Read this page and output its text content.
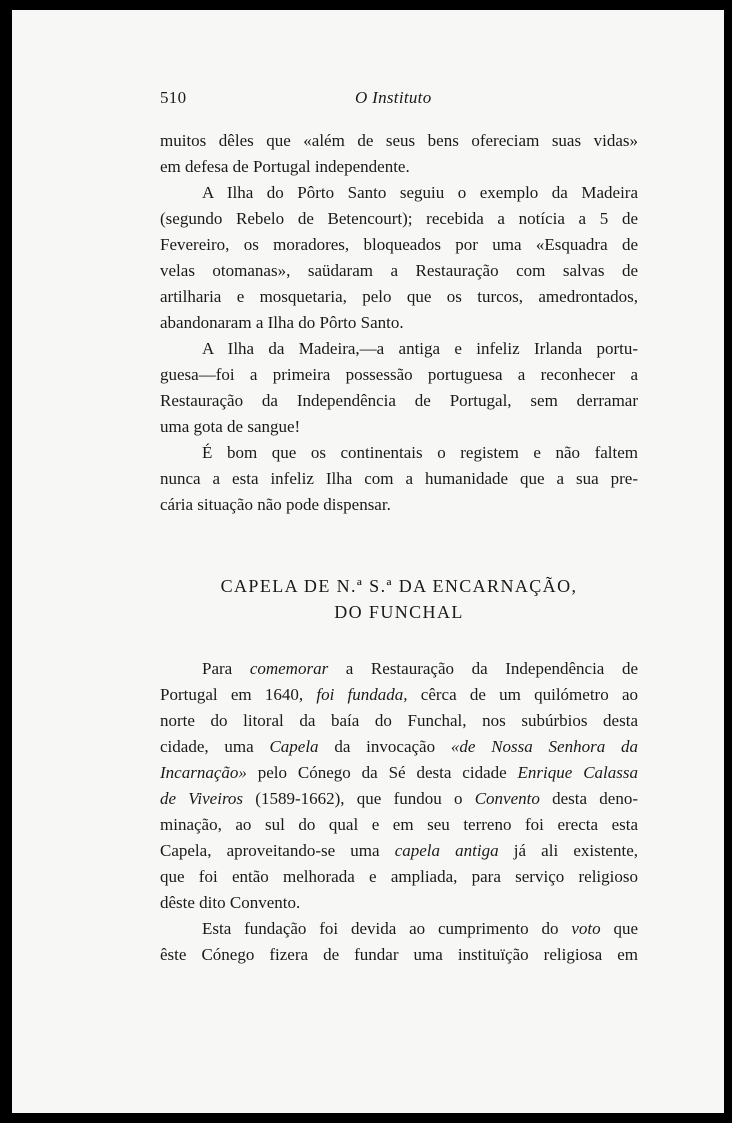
510	O Instituto
muitos dêles que «além de seus bens ofereciam suas vidas»
em defesa de Portugal independente.
A Ilha do Pôrto Santo seguiu o exemplo da Madeira
(segundo Rebelo de Betencourt); recebida a notícia a 5 de
Fevereiro, os moradores, bloqueados por uma «Esquadra de
velas otomanas», saüdaram a Restauração com salvas de
artilharia e mosquetaria, pelo que os turcos, amedrontados,
abandonaram a Ilha do Pôrto Santo.
A Ilha da Madeira,—a antiga e infeliz Irlanda portu-
guesa—foi a primeira possessão portuguesa a reconhecer a
Restauração da Independência de Portugal, sem derramar
uma gota de sangue!
É bom que os continentais o registem e não faltem
nunca a esta infeliz Ilha com a humanidade que a sua pre-
cária situação não pode dispensar.
CAPELA DE N.ª S.ª DA ENCARNAÇÃO,
DO FUNCHAL
Para comemorar a Restauração da Independência de
Portugal em 1640, foi fundada, cêrca de um quilómetro ao
norte do litoral da baía do Funchal, nos subúrbios desta
cidade, uma Capela da invocação «de Nossa Senhora da
Incarnação» pelo Cónego da Sé desta cidade Enrique Calassa
de Viveiros (1589-1662), que fundou o Convento desta deno-
minação, ao sul do qual e em seu terreno foi erecta esta
Capela, aproveitando-se uma capela antiga já ali existente,
que foi então melhorada e ampliada, para serviço religioso
dêste dito Convento.
Esta fundação foi devida ao cumprimento do voto que
êste Cónego fizera de fundar uma instituïção religiosa em
